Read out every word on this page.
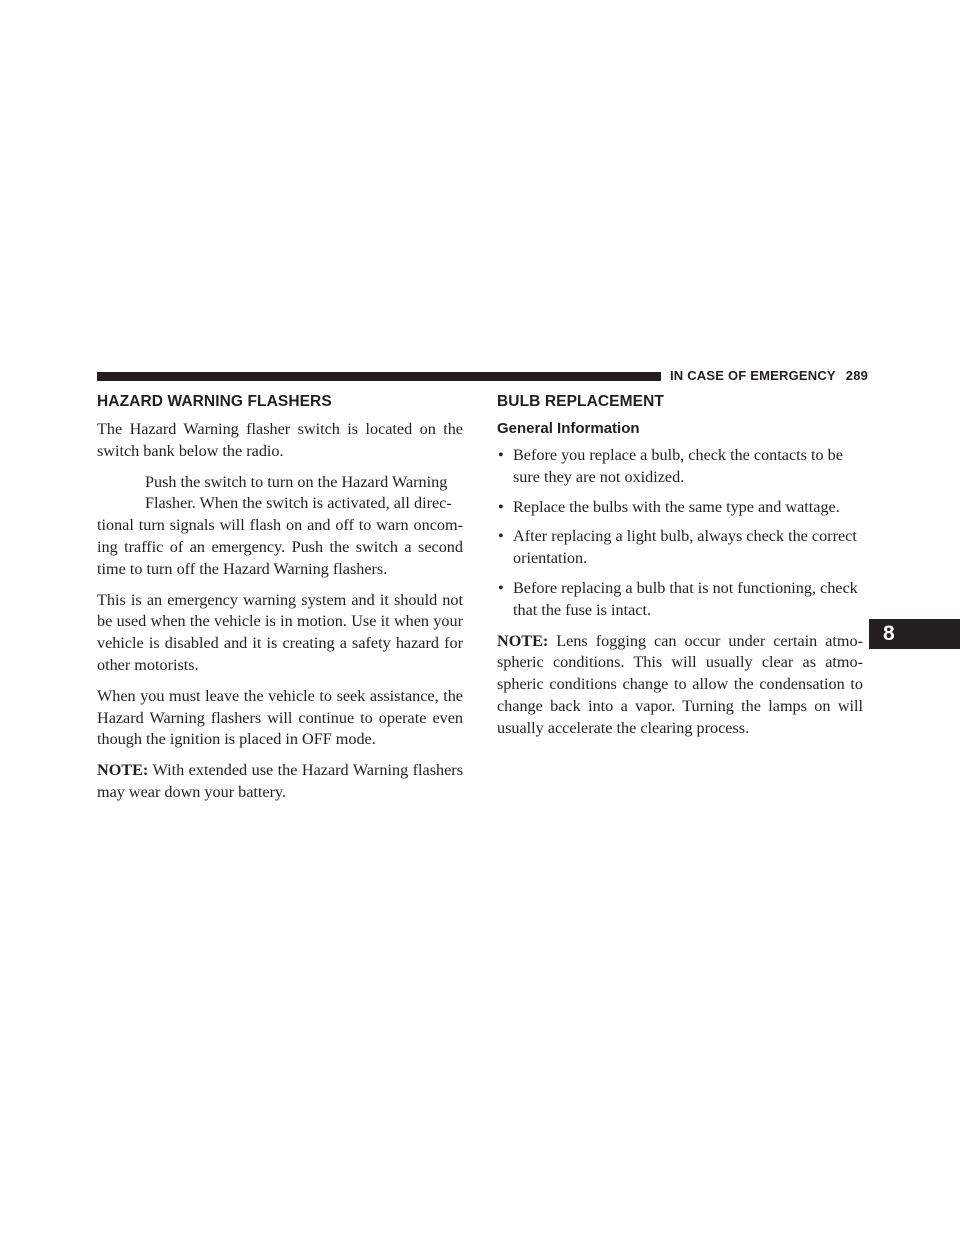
IN CASE OF EMERGENCY 289
8
HAZARD WARNING FLASHERS

The Hazard Warning flasher switch is located on the switch bank below the radio.

Push the switch to turn on the Hazard Warning
Flasher. When the switch is activated, all direc-
tional turn signals will flash on and off to warn oncom- ing traffic of an emergency. Push the switch a second time to turn off the Hazard Warning flashers.

This is an emergency warning system and it should not be used when the vehicle is in motion. Use it when your vehicle is disabled and it is creating a safety hazard for other motorists.

When you must leave the vehicle to seek assistance, the Hazard Warning flashers will continue to operate even though the ignition is placed in OFF mode.

NOTE: With extended use the Hazard Warning flashers may wear down your battery.

BULB REPLACEMENT
General Information
• Before you replace a bulb, check the contacts to be sure they are not oxidized.
• Replace the bulbs with the same type and wattage.
• After replacing a light bulb, always check the correct orientation.
• Before replacing a bulb that is not functioning, check that the fuse is intact.

NOTE: Lens fogging can occur under certain atmo- spheric conditions. This will usually clear as atmo- spheric conditions change to allow the condensation to change back into a vapor. Turning the lamps on will usually accelerate the clearing process.
